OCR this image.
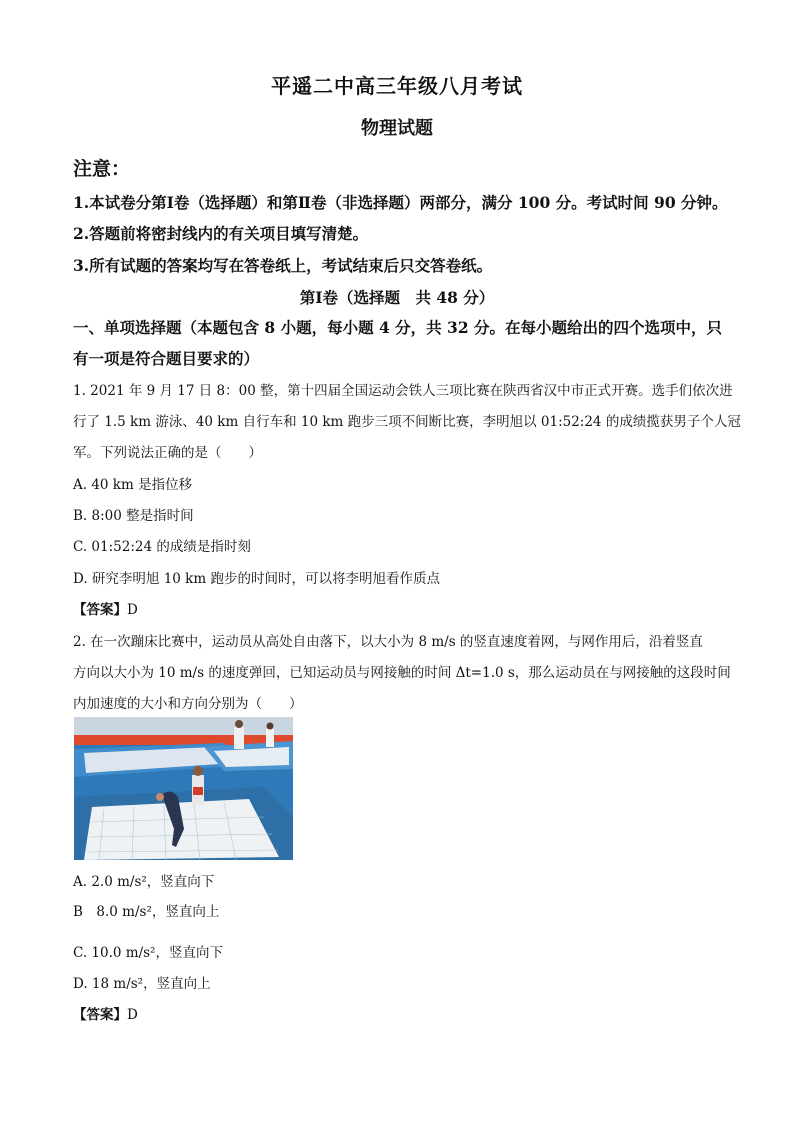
平遥二中高三年级八月考试
物理试题
注意：
1.本试卷分第Ⅰ卷（选择题）和第Ⅱ卷（非选择题）两部分，满分 100 分。考试时间 90 分钟。
2.答题前将密封线内的有关项目填写清楚。
3.所有试题的答案均写在答卷纸上，考试结束后只交答卷纸。
第Ⅰ卷（选择题　共 48 分）
一、单项选择题（本题包含 8 小题，每小题 4 分，共 32 分。在每小题给出的四个选项中，只
有一项是符合题目要求的）
1. 2021 年 9 月 17 日 8：00 整，第十四届全国运动会铁人三项比赛在陕西省汉中市正式开赛。选手们依次进
行了 1.5 km 游泳、40 km 自行车和 10 km 跑步三项不间断比赛，李明旭以 01:52:24 的成绩揽获男子个人冠
军。下列说法正确的是（　　）
A. 40 km 是指位移
B. 8:00 整是指时间
C. 01:52:24 的成绩是指时刻
D. 研究李明旭 10 km 跑步的时间时，可以将李明旭看作质点
【答案】D
2. 在一次蹦床比赛中，运动员从高处自由落下，以大小为 8 m/s 的竖直速度着网，与网作用后，沿着竖直
方向以大小为 10 m/s 的速度弹回，已知运动员与网接触的时间 Δt=1.0 s，那么运动员在与网接触的这段时间
内加速度的大小和方向分别为（　　）
A. 2.0 m/s²，竖直向下
B　8.0 m/s²，竖直向上
C. 10.0 m/s²，竖直向下
D. 18 m/s²，竖直向上
【答案】D
